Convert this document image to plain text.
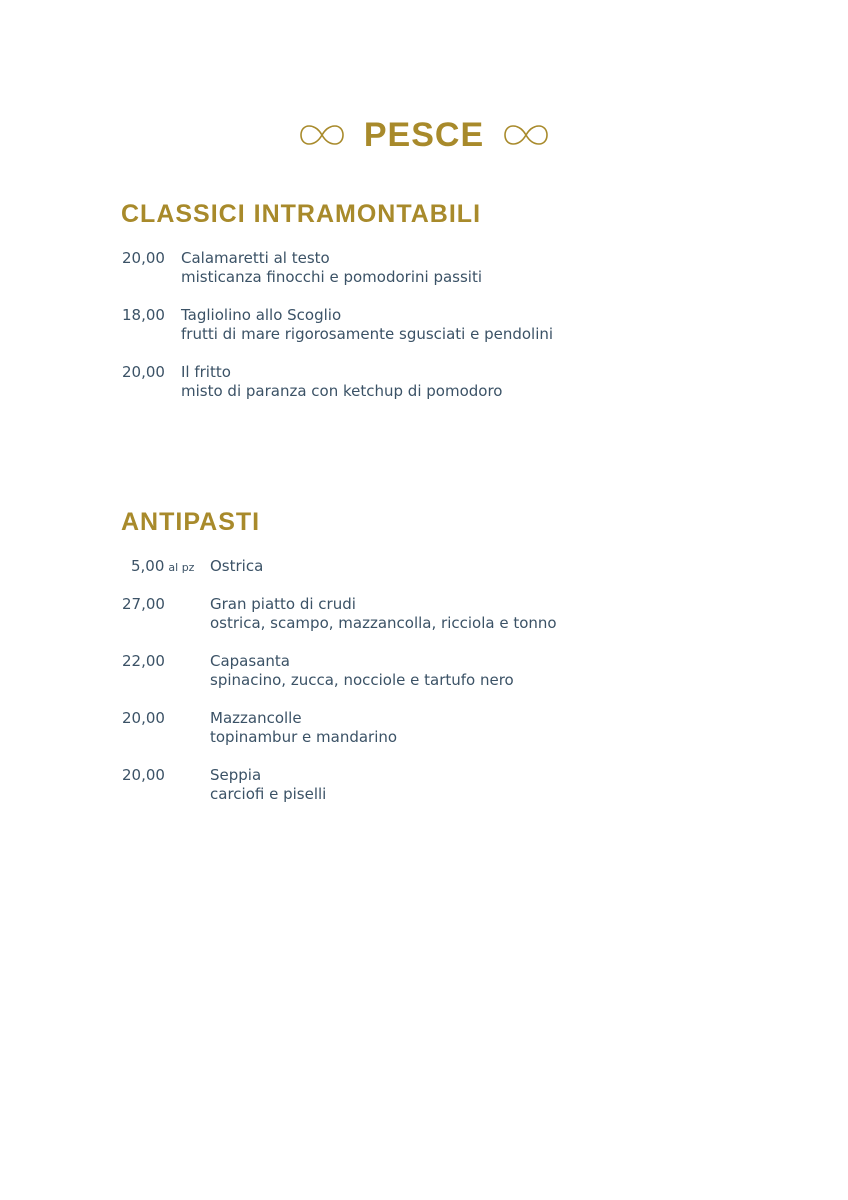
PESCE
CLASSICI INTRAMONTABILI
20,00 Calamaretti al testo
misticanza finocchi e pomodorini passiti
18,00 Tagliolino allo Scoglio
frutti di mare rigorosamente sgusciati e pendolini
20,00 Il fritto
misto di paranza con ketchup di pomodoro
ANTIPASTI
5,00 al pz Ostrica
27,00	Gran piatto di crudi
ostrica, scampo, mazzancolla, ricciola e tonno
22,00	Capasanta
spinacino, zucca, nocciole e tartufo nero
20,00	Mazzancolle
topinambur e mandarino
20,00	Seppia
carciofi e piselli
